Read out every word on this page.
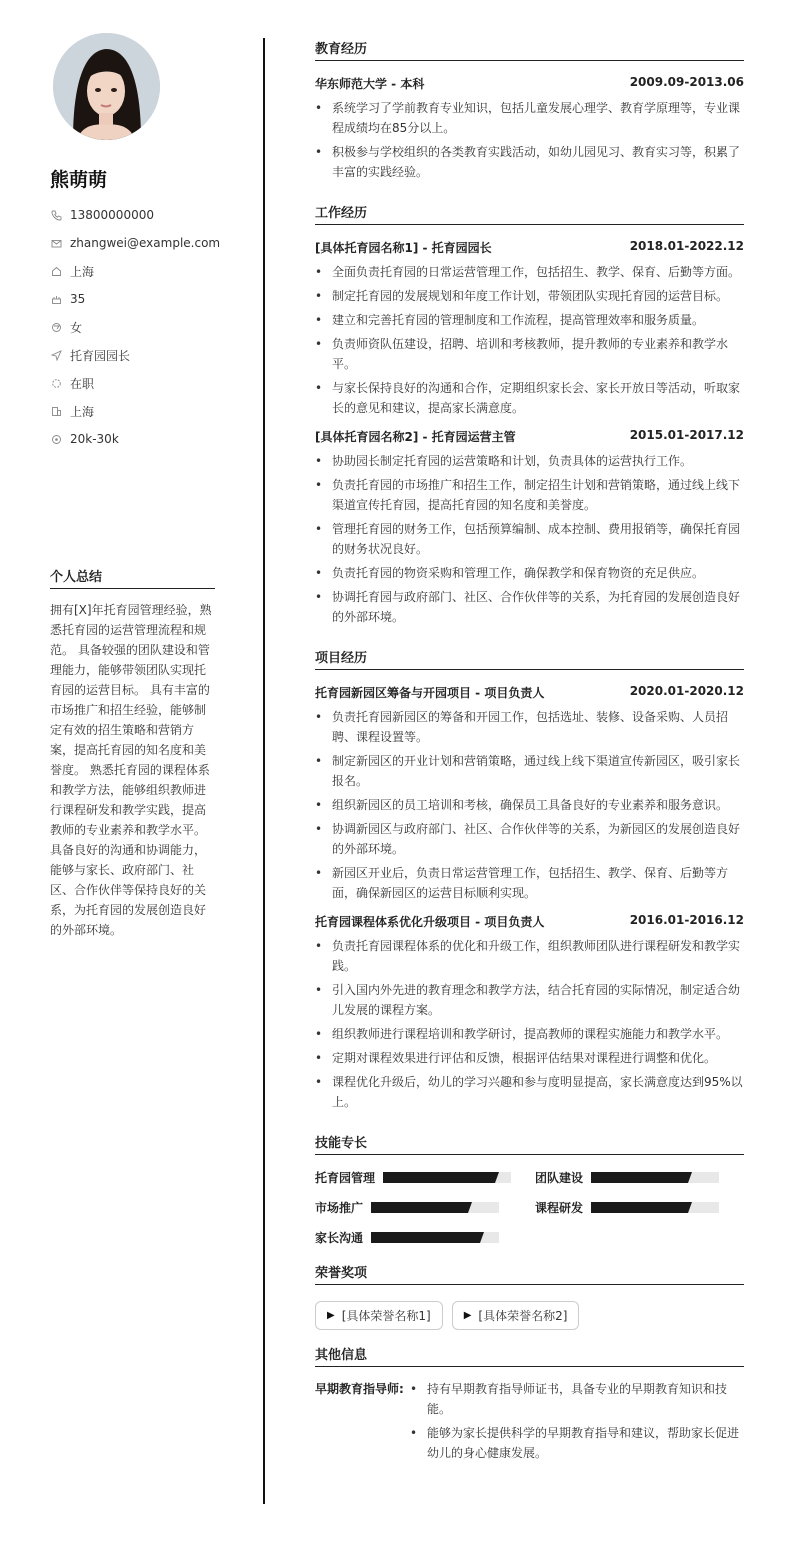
熊萌萌
13800000000
zhangwei@example.com
上海
35
女
托育园园长
在职
上海
20k-30k
个人总结
拥有[X]年托育园管理经验，熟悉托育园的运营管理流程和规范。 具备较强的团队建设和管理能力，能够带领团队实现托育园的运营目标。 具有丰富的市场推广和招生经验，能够制定有效的招生策略和营销方案，提高托育园的知名度和美誉度。 熟悉托育园的课程体系和教学方法，能够组织教师进行课程研发和教学实践，提高教师的专业素养和教学水平。 具备良好的沟通和协调能力，能够与家长、政府部门、社区、合作伙伴等保持良好的关系，为托育园的发展创造良好的外部环境。
教育经历
华东师范大学 - 本科	2009.09-2013.06
• 系统学习了学前教育专业知识，包括儿童发展心理学、教育学原理等，专业课程成绩均在85分以上。
• 积极参与学校组织的各类教育实践活动，如幼儿园见习、教育实习等，积累了丰富的实践经验。
工作经历
[具体托育园名称1] - 托育园园长	2018.01-2022.12
• 全面负责托育园的日常运营管理工作，包括招生、教学、保育、后勤等方面。
• 制定托育园的发展规划和年度工作计划，带领团队实现托育园的运营目标。
• 建立和完善托育园的管理制度和工作流程，提高管理效率和服务质量。
• 负责师资队伍建设，招聘、培训和考核教师，提升教师的专业素养和教学水平。
• 与家长保持良好的沟通和合作，定期组织家长会、家长开放日等活动，听取家长的意见和建议，提高家长满意度。
[具体托育园名称2] - 托育园运营主管	2015.01-2017.12
• 协助园长制定托育园的运营策略和计划，负责具体的运营执行工作。
• 负责托育园的市场推广和招生工作，制定招生计划和营销策略，通过线上线下渠道宣传托育园，提高托育园的知名度和美誉度。
• 管理托育园的财务工作，包括预算编制、成本控制、费用报销等，确保托育园的财务状况良好。
• 负责托育园的物资采购和管理工作，确保教学和保育物资的充足供应。
• 协调托育园与政府部门、社区、合作伙伴等的关系，为托育园的发展创造良好的外部环境。
项目经历
托育园新园区筹备与开园项目 - 项目负责人	2020.01-2020.12
• 负责托育园新园区的筹备和开园工作，包括选址、装修、设备采购、人员招聘、课程设置等。
• 制定新园区的开业计划和营销策略，通过线上线下渠道宣传新园区，吸引家长报名。
• 组织新园区的员工培训和考核，确保员工具备良好的专业素养和服务意识。
• 协调新园区与政府部门、社区、合作伙伴等的关系，为新园区的发展创造良好的外部环境。
• 新园区开业后，负责日常运营管理工作，包括招生、教学、保育、后勤等方面，确保新园区的运营目标顺利实现。
托育园课程体系优化升级项目 - 项目负责人	2016.01-2016.12
• 负责托育园课程体系的优化和升级工作，组织教师团队进行课程研发和教学实践。
• 引入国内外先进的教育理念和教学方法，结合托育园的实际情况，制定适合幼儿发展的课程方案。
• 组织教师进行课程培训和教学研讨，提高教师的课程实施能力和教学水平。
• 定期对课程效果进行评估和反馈，根据评估结果对课程进行调整和优化。
• 课程优化升级后，幼儿的学习兴趣和参与度明显提高，家长满意度达到95%以上。
技能专长
托育园管理	团队建设
市场推广	课程研发
家长沟通
荣誉奖项
▶ [具体荣誉名称1]	▶ [具体荣誉名称2]
其他信息
早期教育指导师:
•	持有早期教育指导师证书，具备专业的早期教育知识和技能。
• 能够为家长提供科学的早期教育指导和建议，帮助家长促进幼儿的身心健康发展。
